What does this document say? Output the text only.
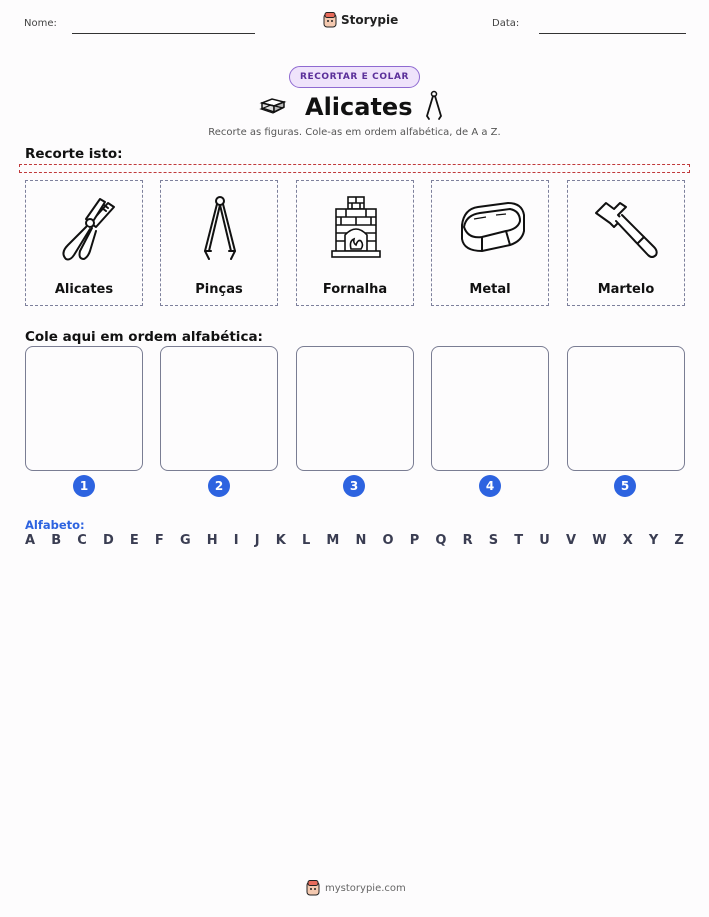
Nome:	Storypie	Data:
RECORTAR E COLAR
Alicates
Recorte as figuras. Cole-as em ordem alfabética, de A a Z.
Recorte isto:
Alicates	Pinças	Fornalha	Metal	Martelo
Cole aqui em ordem alfabética:
1	2	3	4	5
Alfabeto:
A B C D E F G H I J K L M N O P Q R S T U V W X Y Z
mystorypie.com
